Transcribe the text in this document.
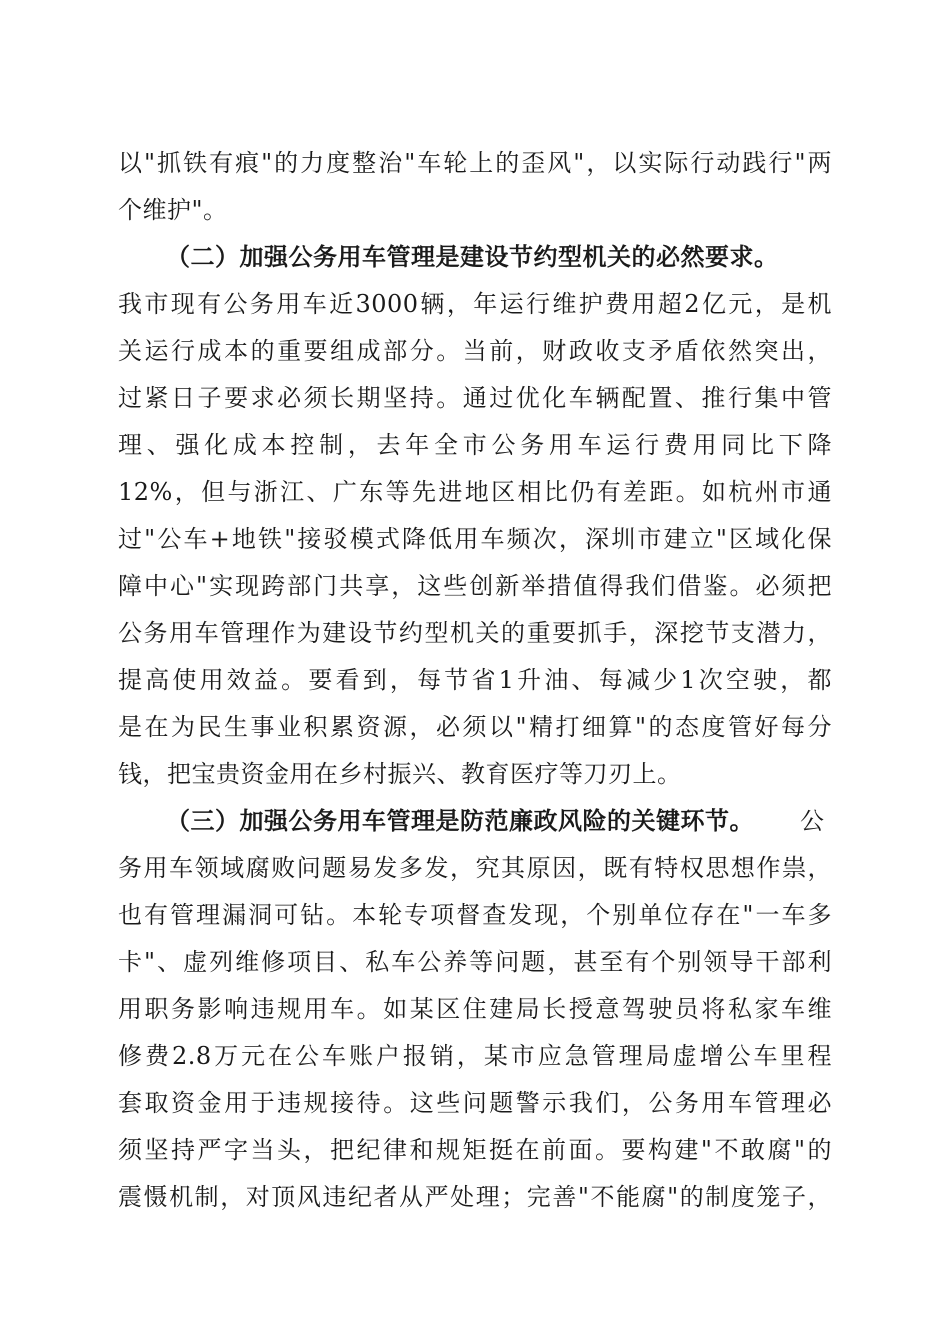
以"抓铁有痕"的力度整治"车轮上的歪风"，以实际行动践行"两
个维护"。
（二）加强公务用车管理是建设节约型机关的必然要求。
我市现有公务用车近3000辆，年运行维护费用超2亿元，是机
关运行成本的重要组成部分。当前，财政收支矛盾依然突出，
过紧日子要求必须长期坚持。通过优化车辆配置、推行集中管
理、强化成本控制，去年全市公务用车运行费用同比下降
12%，但与浙江、广东等先进地区相比仍有差距。如杭州市通
过"公车+地铁"接驳模式降低用车频次，深圳市建立"区域化保
障中心"实现跨部门共享，这些创新举措值得我们借鉴。必须把
公务用车管理作为建设节约型机关的重要抓手，深挖节支潜力，
提高使用效益。要看到，每节省1升油、每减少1次空驶，都
是在为民生事业积累资源，必须以"精打细算"的态度管好每分
钱，把宝贵资金用在乡村振兴、教育医疗等刀刃上。
（三）加强公务用车管理是防范廉政风险的关键环节。	公
务用车领域腐败问题易发多发，究其原因，既有特权思想作祟，
也有管理漏洞可钻。本轮专项督查发现，个别单位存在"一车多
卡"、虚列维修项目、私车公养等问题，甚至有个别领导干部利
用职务影响违规用车。如某区住建局长授意驾驶员将私家车维
修费2.8万元在公车账户报销，某市应急管理局虚增公车里程
套取资金用于违规接待。这些问题警示我们，公务用车管理必
须坚持严字当头，把纪律和规矩挺在前面。要构建"不敢腐"的
震慑机制，对顶风违纪者从严处理；完善"不能腐"的制度笼子，
